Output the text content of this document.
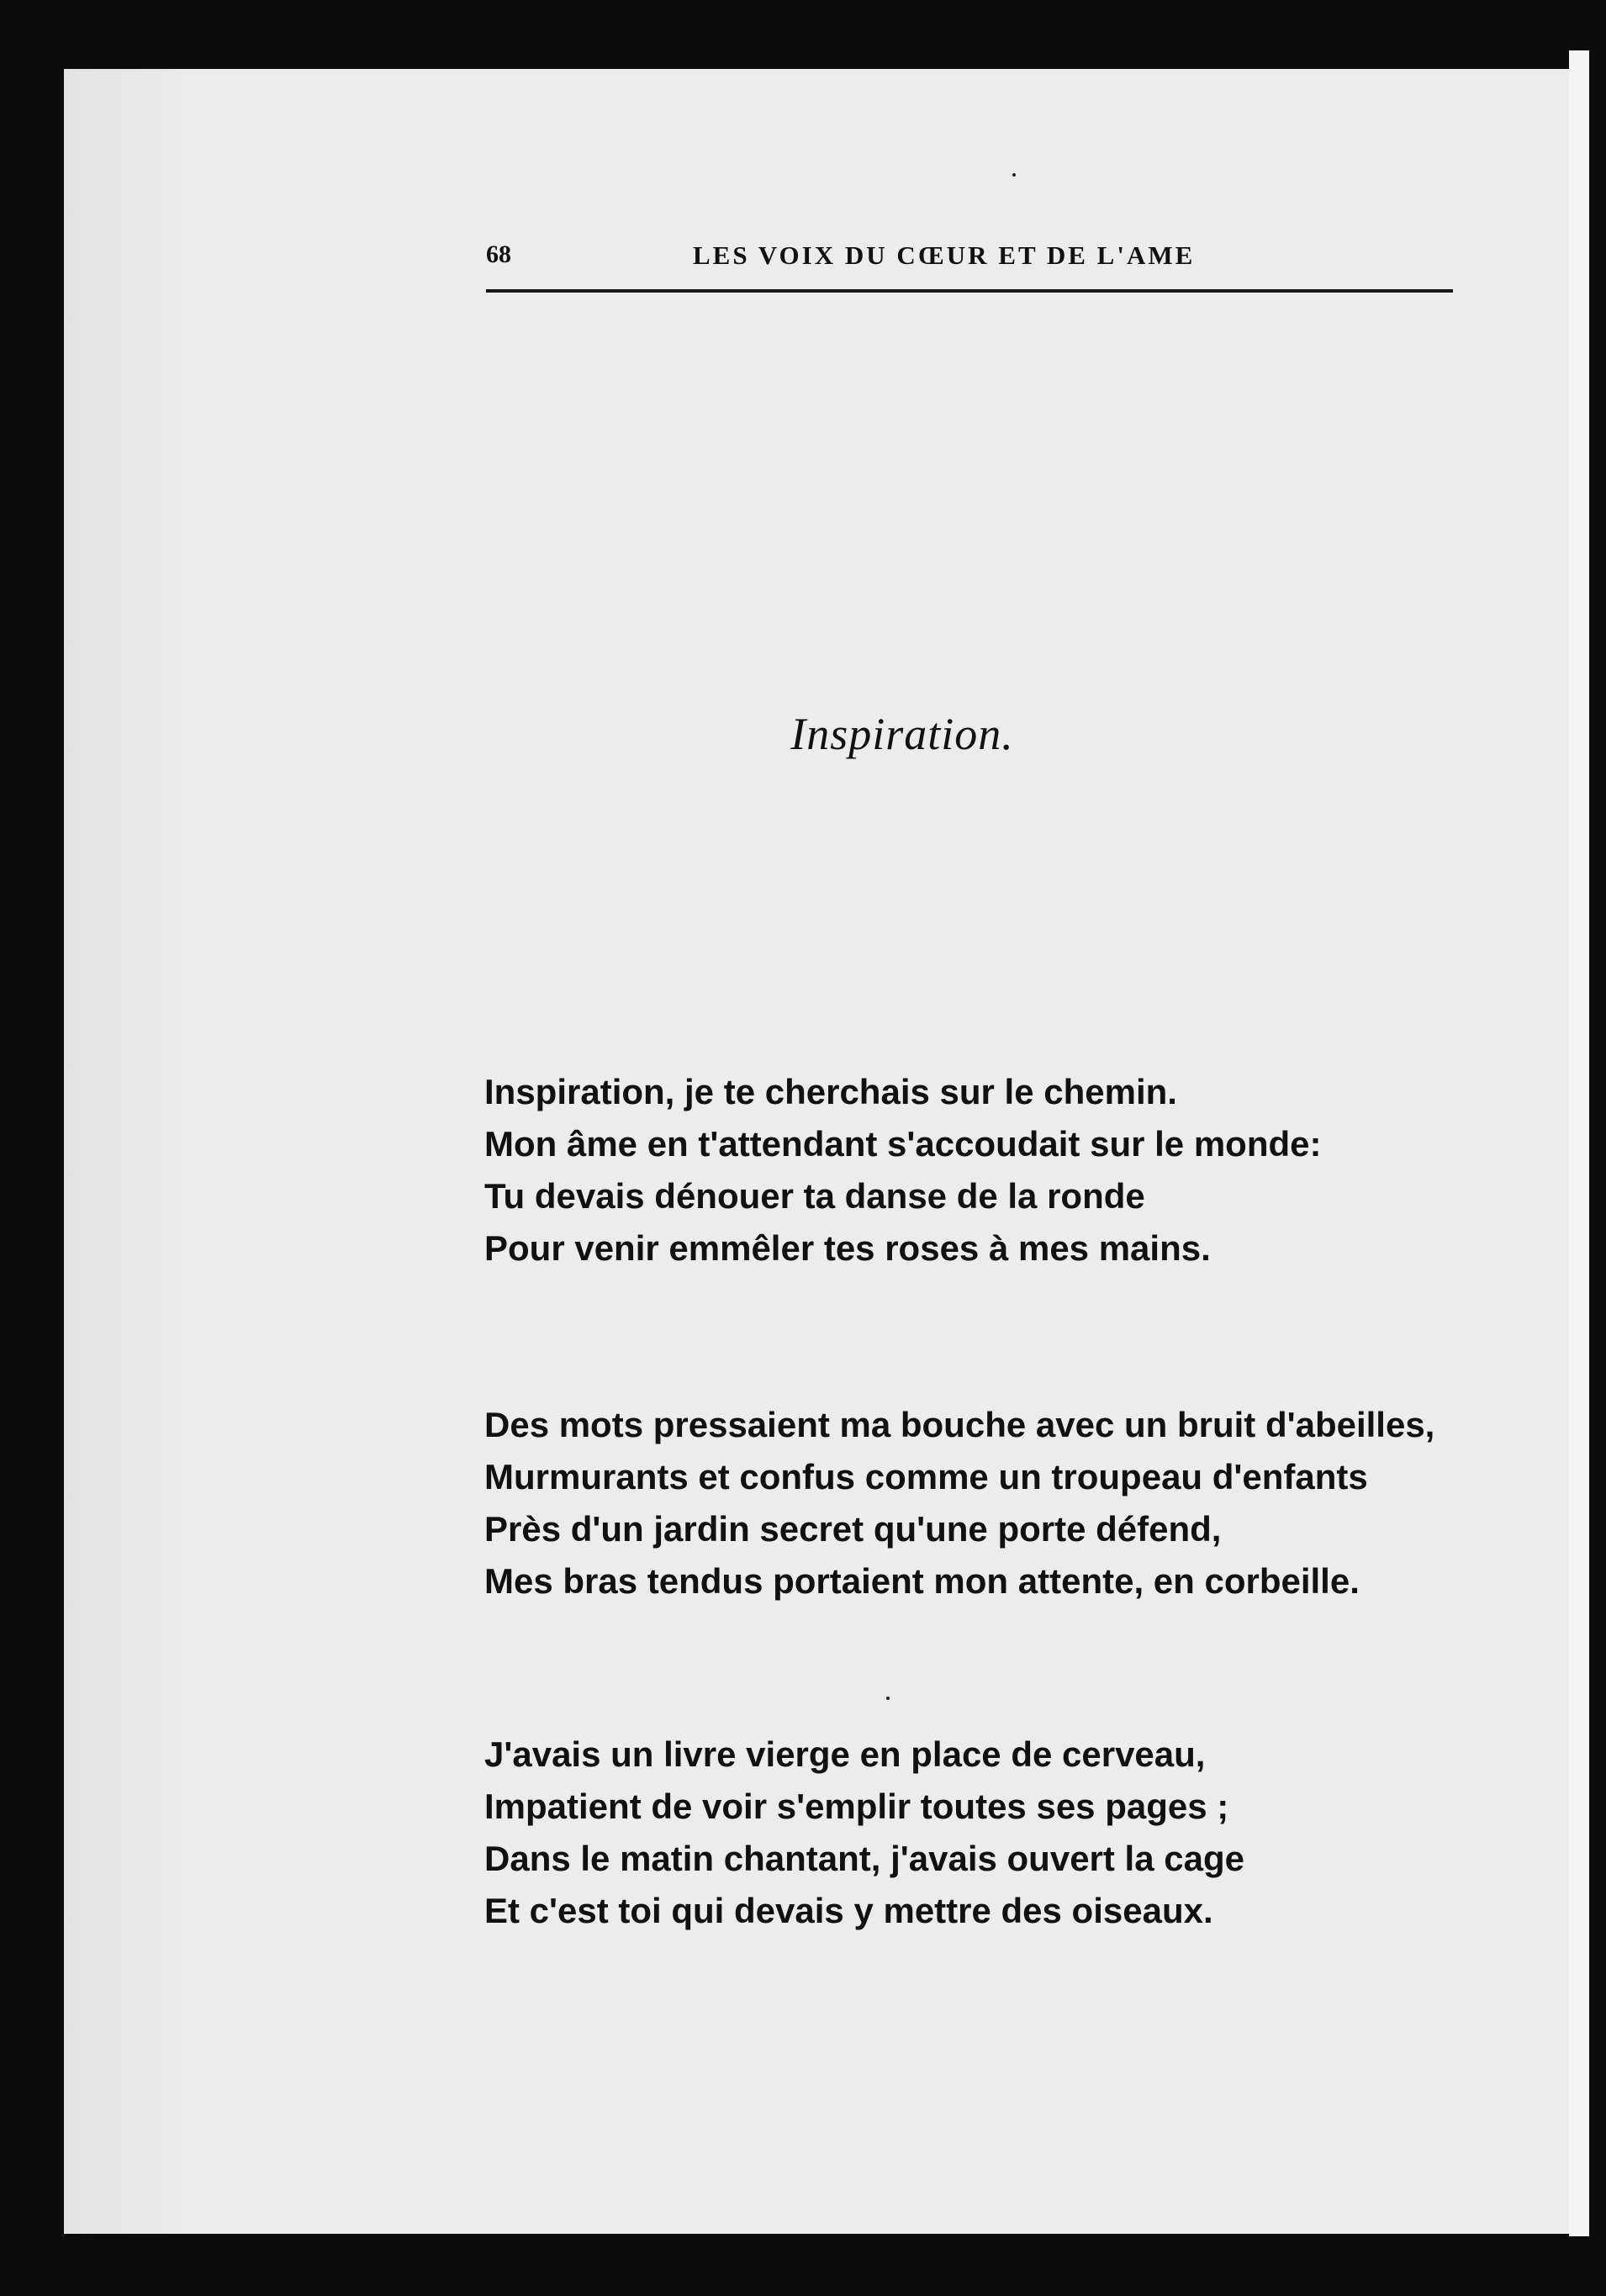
68	LES VOIX DU CŒUR ET DE L'AME
Inspiration.
Inspiration, je te cherchais sur le chemin.
Mon âme en t'attendant s'accoudait sur le monde:
Tu devais dénouer ta danse de la ronde
Pour venir emmêler tes roses à mes mains.
Des mots pressaient ma bouche avec un bruit d'abeilles,
Murmurants et confus comme un troupeau d'enfants
Près d'un jardin secret qu'une porte défend,
Mes bras tendus portaient mon attente, en corbeille.
J'avais un livre vierge en place de cerveau,
Impatient de voir s'emplir toutes ses pages ;
Dans le matin chantant, j'avais ouvert la cage
Et c'est toi qui devais y mettre des oiseaux.
